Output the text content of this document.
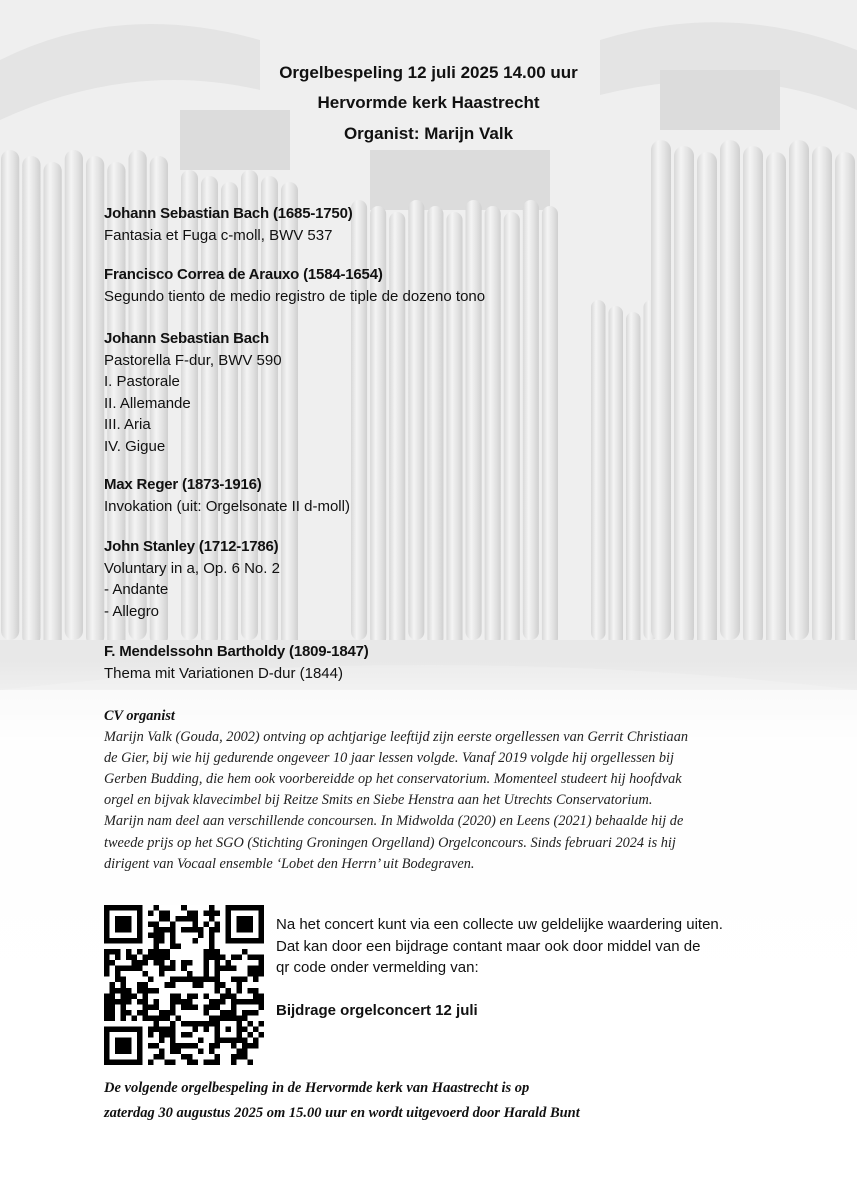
Orgelbespeling 12 juli 2025 14.00 uur
Hervormde kerk Haastrecht
Organist: Marijn Valk
Johann Sebastian Bach (1685-1750)
Fantasia et Fuga c-moll, BWV 537
Francisco Correa de Arauxo (1584-1654)
Segundo tiento de medio registro de tiple de dozeno tono
Johann Sebastian Bach
Pastorella F-dur, BWV 590
I. Pastorale
II. Allemande
III. Aria
IV. Gigue
Max Reger (1873-1916)
Invokation (uit: Orgelsonate II d-moll)
John Stanley (1712-1786)
Voluntary in a, Op. 6 No. 2
- Andante
- Allegro
F. Mendelssohn Bartholdy (1809-1847)
Thema mit Variationen D-dur (1844)
CV organist
Marijn Valk (Gouda, 2002) ontving op achtjarige leeftijd zijn eerste orgellessen van Gerrit Christiaan
de Gier, bij wie hij gedurende ongeveer 10 jaar lessen volgde. Vanaf 2019 volgde hij orgellessen bij
Gerben Budding, die hem ook voorbereidde op het conservatorium. Momenteel studeert hij hoofdvak
orgel en bijvak klavecimbel bij Reitze Smits en Siebe Henstra aan het Utrechts Conservatorium.
Marijn nam deel aan verschillende concoursen. In Midwolda (2020) en Leens (2021) behaalde hij de
tweede prijs op het SGO (Stichting Groningen Orgelland) Orgelconcours. Sinds februari 2024 is hij
dirigent van Vocaal ensemble ‘Lobet den Herrn’ uit Bodegraven.
Na het concert kunt via een collecte uw geldelijke waardering uiten.
Dat kan door een bijdrage contant maar ook door middel van de
qr code onder vermelding van:
Bijdrage orgelconcert 12 juli
De volgende orgelbespeling in de Hervormde kerk van Haastrecht is op
zaterdag 30 augustus 2025 om 15.00 uur en wordt uitgevoerd door Harald Bunt
